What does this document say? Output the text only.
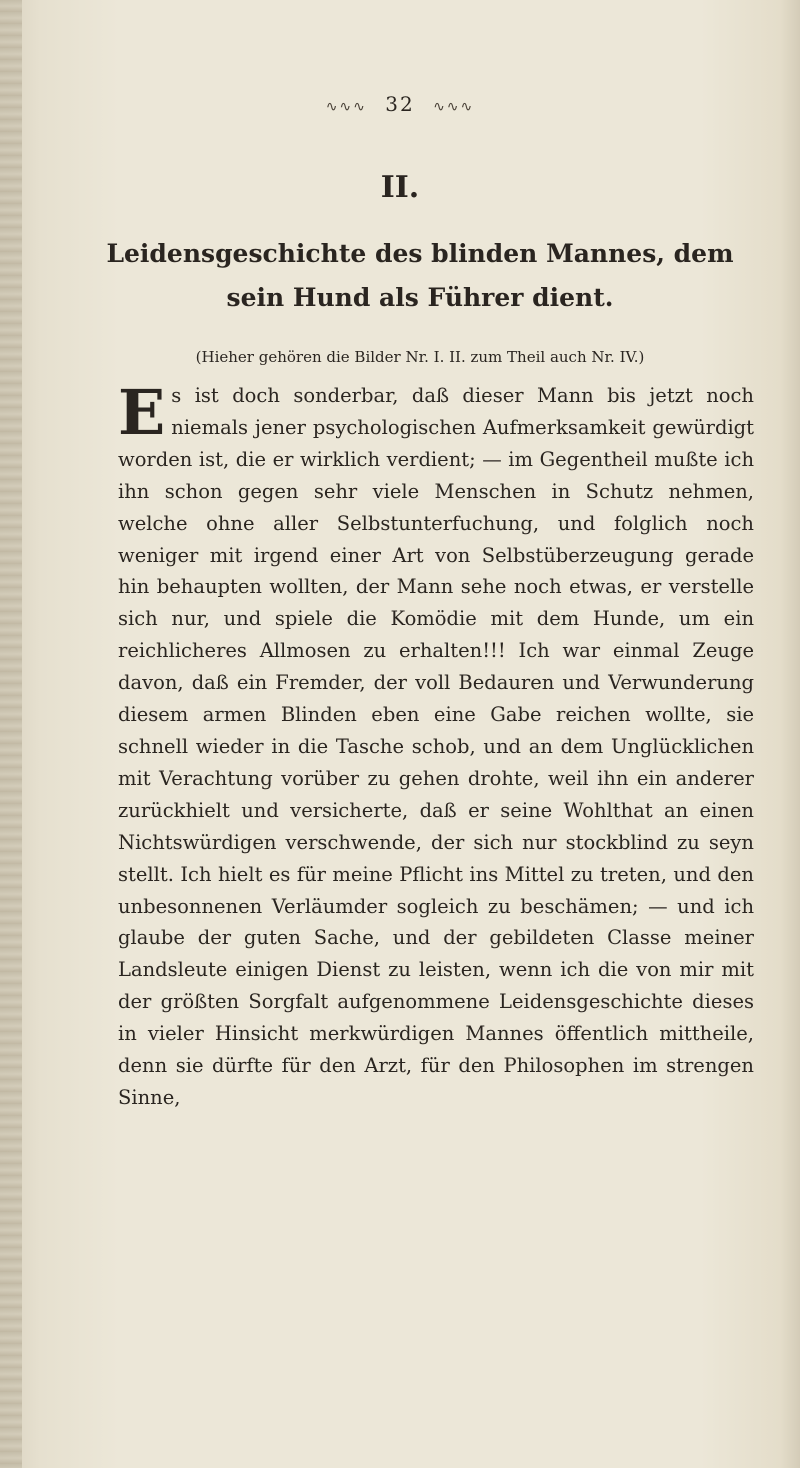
∿∿∿ 32 ∿∿∿
II.
Leidensgeschichte des blinden Mannes, dem sein Hund als Führer dient.
(Hieher gehören die Bilder Nr. I. II. zum Theil auch Nr. IV.)
Es ist doch sonderbar, daß dieser Mann bis jetzt noch niemals jener psychologischen Aufmerksamkeit gewürdigt worden ist, die er wirklich verdient; — im Gegentheil mußte ich ihn schon gegen sehr viele Menschen in Schutz nehmen, welche ohne aller Selbstunterfuchung, und folglich noch weniger mit irgend einer Art von Selbstüberzeugung gerade hin behaupten wollten, der Mann sehe noch etwas, er verstelle sich nur, und spiele die Komödie mit dem Hunde, um ein reichlicheres Allmosen zu erhalten!!! Ich war einmal Zeuge davon, daß ein Fremder, der voll Bedauren und Verwunderung diesem armen Blinden eben eine Gabe reichen wollte, sie schnell wieder in die Tasche schob, und an dem Unglücklichen mit Verachtung vorüber zu gehen drohte, weil ihn ein anderer zurückhielt und versicherte, daß er seine Wohlthat an einen Nichtswürdigen verschwende, der sich nur stockblind zu seyn stellt. Ich hielt es für meine Pflicht ins Mittel zu treten, und den unbesonnenen Verläumder sogleich zu beschämen; — und ich glaube der guten Sache, und der gebildeten Classe meiner Landsleute einigen Dienst zu leisten, wenn ich die von mir mit der größten Sorgfalt aufgenommene Leidensgeschichte dieses in vieler Hinsicht merkwürdigen Mannes öffentlich mittheile, denn sie dürfte für den Arzt, für den Philosophen im strengen Sinne,
